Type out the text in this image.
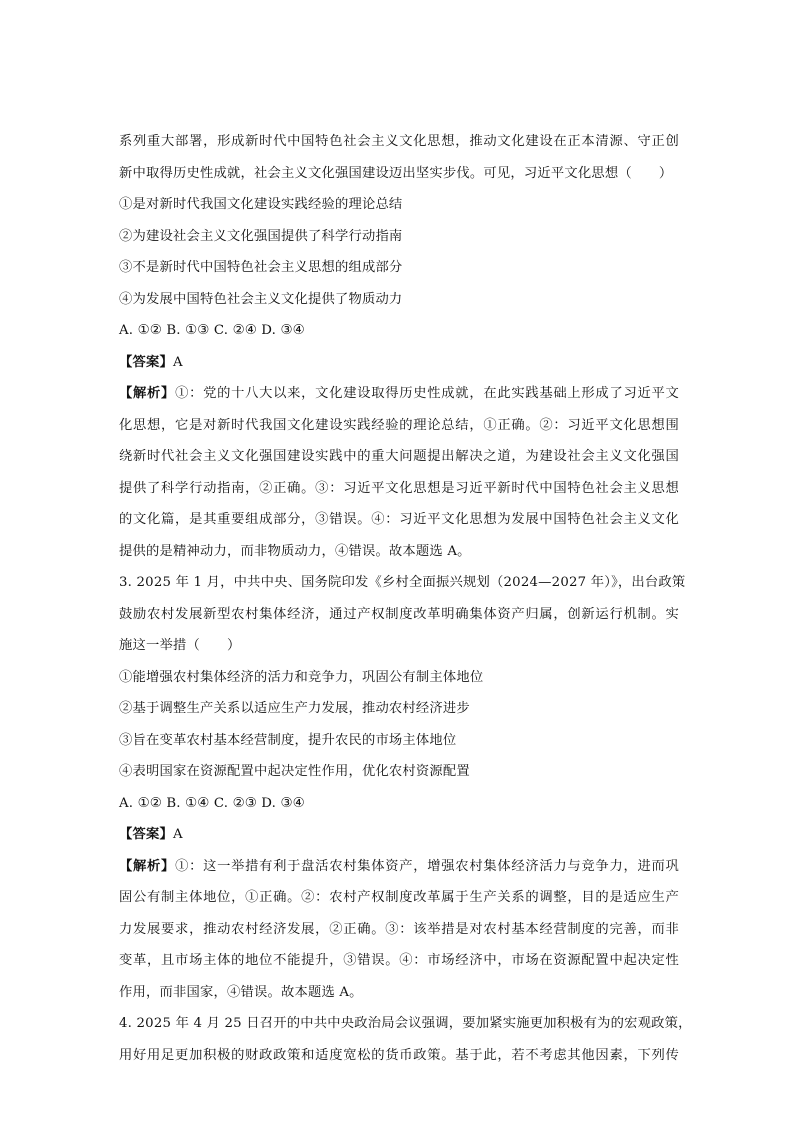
系列重大部署，形成新时代中国特色社会主义文化思想，推动文化建设在正本清源、守正创
新中取得历史性成就，社会主义文化强国建设迈出坚实步伐。可见，习近平文化思想（　　）
①是对新时代我国文化建设实践经验的理论总结
②为建设社会主义文化强国提供了科学行动指南
③不是新时代中国特色社会主义思想的组成部分
④为发展中国特色社会主义文化提供了物质动力
A. ①② B. ①③ C. ②④ D. ③④
【答案】A
【解析】①：党的十八大以来，文化建设取得历史性成就，在此实践基础上形成了习近平文
化思想，它是对新时代我国文化建设实践经验的理论总结，①正确。②：习近平文化思想围
绕新时代社会主义文化强国建设实践中的重大问题提出解决之道，为建设社会主义文化强国
提供了科学行动指南，②正确。③：习近平文化思想是习近平新时代中国特色社会主义思想
的文化篇，是其重要组成部分，③错误。④：习近平文化思想为发展中国特色社会主义文化
提供的是精神动力，而非物质动力，④错误。故本题选 A。
3. 2025 年 1 月，中共中央、国务院印发《乡村全面振兴规划（2024—2027 年）》，出台政策
鼓励农村发展新型农村集体经济，通过产权制度改革明确集体资产归属，创新运行机制。实
施这一举措（　　）
①能增强农村集体经济的活力和竞争力，巩固公有制主体地位
②基于调整生产关系以适应生产力发展，推动农村经济进步
③旨在变革农村基本经营制度，提升农民的市场主体地位
④表明国家在资源配置中起决定性作用，优化农村资源配置
A. ①② B. ①④ C. ②③ D. ③④
【答案】A
【解析】①：这一举措有利于盘活农村集体资产，增强农村集体经济活力与竞争力，进而巩
固公有制主体地位，①正确。②：农村产权制度改革属于生产关系的调整，目的是适应生产
力发展要求，推动农村经济发展，②正确。③：该举措是对农村基本经营制度的完善，而非
变革，且市场主体的地位不能提升，③错误。④：市场经济中，市场在资源配置中起决定性
作用，而非国家，④错误。故本题选 A。
4. 2025 年 4 月 25 日召开的中共中央政治局会议强调，要加紧实施更加积极有为的宏观政策，
用好用足更加积极的财政政策和适度宽松的货币政策。基于此，若不考虑其他因素，下列传
